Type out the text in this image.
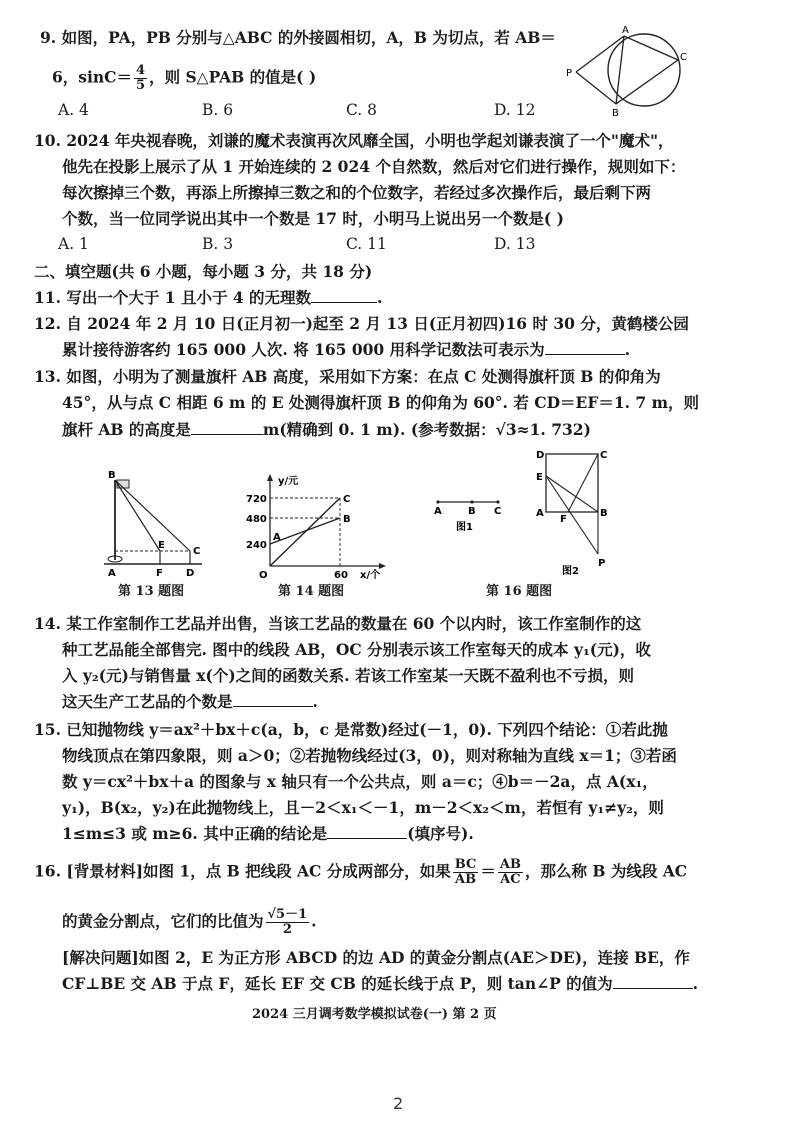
9. 如图，PA，PB 分别与△ABC 的外接圆相切，A，B 为切点，若 AB＝
6，$\sin C= \frac{4}{5}$ ，则 S△PAB 的值是( )
A. 4	B. 6	C. 8	D. 12
A
P
C
B
10. 2024 年央视春晚，刘谦的魔术表演再次风靡全国，小明也学起刘谦表演了一个"魔术"，
他先在投影上展示了从 1 开始连续的 2 024 个自然数，然后对它们进行操作，规则如下：
每次擦掉三个数，再添上所擦掉三数之和的个位数字，若经过多次操作后，最后剩下两
个数，当一位同学说出其中一个数是 17 时，小明马上说出另一个数是( )
A. 1	B. 3	C. 11	D. 13
二、填空题(共 6 小题，每小题 3 分，共 18 分)
11. 写出一个大于 1 且小于 4 的无理数	.
12. 自 2024 年 2 月 10 日(正月初一)起至 2 月 13 日(正月初四)16 时 30 分，黄鹤楼公园
累计接待游客约 165 000 人次. 将 165 000 用科学记数法可表示为	.
13. 如图，小明为了测量旗杆 AB 高度，采用如下方案：在点 C 处测得旗杆顶 B 的仰角为
45°，从与点 C 相距 6 m 的 E 处测得旗杆顶 B 的仰角为 60°. 若 CD＝EF＝1. 7 m，则
旗杆 AB 的高度是	m(精确到 0. 1 m). (参考数据：√3≈1. 732)
B
E
C
A	F D
第 13 题图
y/元
x/个
720
480
240
60
O
A
B
C
第 14 题图
A	B C
图1
D	C
E
A
F
B
P
图2
第 16 题图
14. 某工作室制作工艺品并出售，当该工艺品的数量在 60 个以内时，该工作室制作的这
种工艺品能全部售完. 图中的线段 AB，OC 分别表示该工作室每天的成本 y₁(元)，收
入 y₂(元)与销售量 x(个)之间的函数关系. 若该工作室某一天既不盈利也不亏损，则
这天生产工艺品的个数是	.
15. 已知抛物线 y＝ax²＋bx＋c(a，b，c 是常数)经过(－1，0). 下列四个结论：①若此抛
物线顶点在第四象限，则 a＞0；②若抛物线经过(3，0)，则对称轴为直线 x＝1；③若函
数 y＝cx²＋bx＋a 的图象与 x 轴只有一个公共点，则 a＝c；④b＝－2a，点 A(x₁，
y₁)，B(x₂，y₂)在此抛物线上，且－2＜x₁＜－1，m－2＜x₂＜m，若恒有 y₁≠y₂，则
1≤m≤3 或 m≥6. 其中正确的结论是	(填序号).
16. [背景材料]如图 1，点 B 把线段 AC 分成两部分，如果 $\frac{BC}{AB} = \frac{AB}{AC}$ ，那么称 B 为线段 AC
的黄金分割点，它们的比值为 $\frac{√5-1}{2}$ .
[解决问题]如图 2，E 为正方形 ABCD 的边 AD 的黄金分割点(AE＞DE)，连接 BE，作
CF⊥BE 交 AB 于点 F，延长 EF 交 CB 的延长线于点 P，则 tan∠P 的值为	.
2024 三月调考数学模拟试卷(一) 第 2 页
2
